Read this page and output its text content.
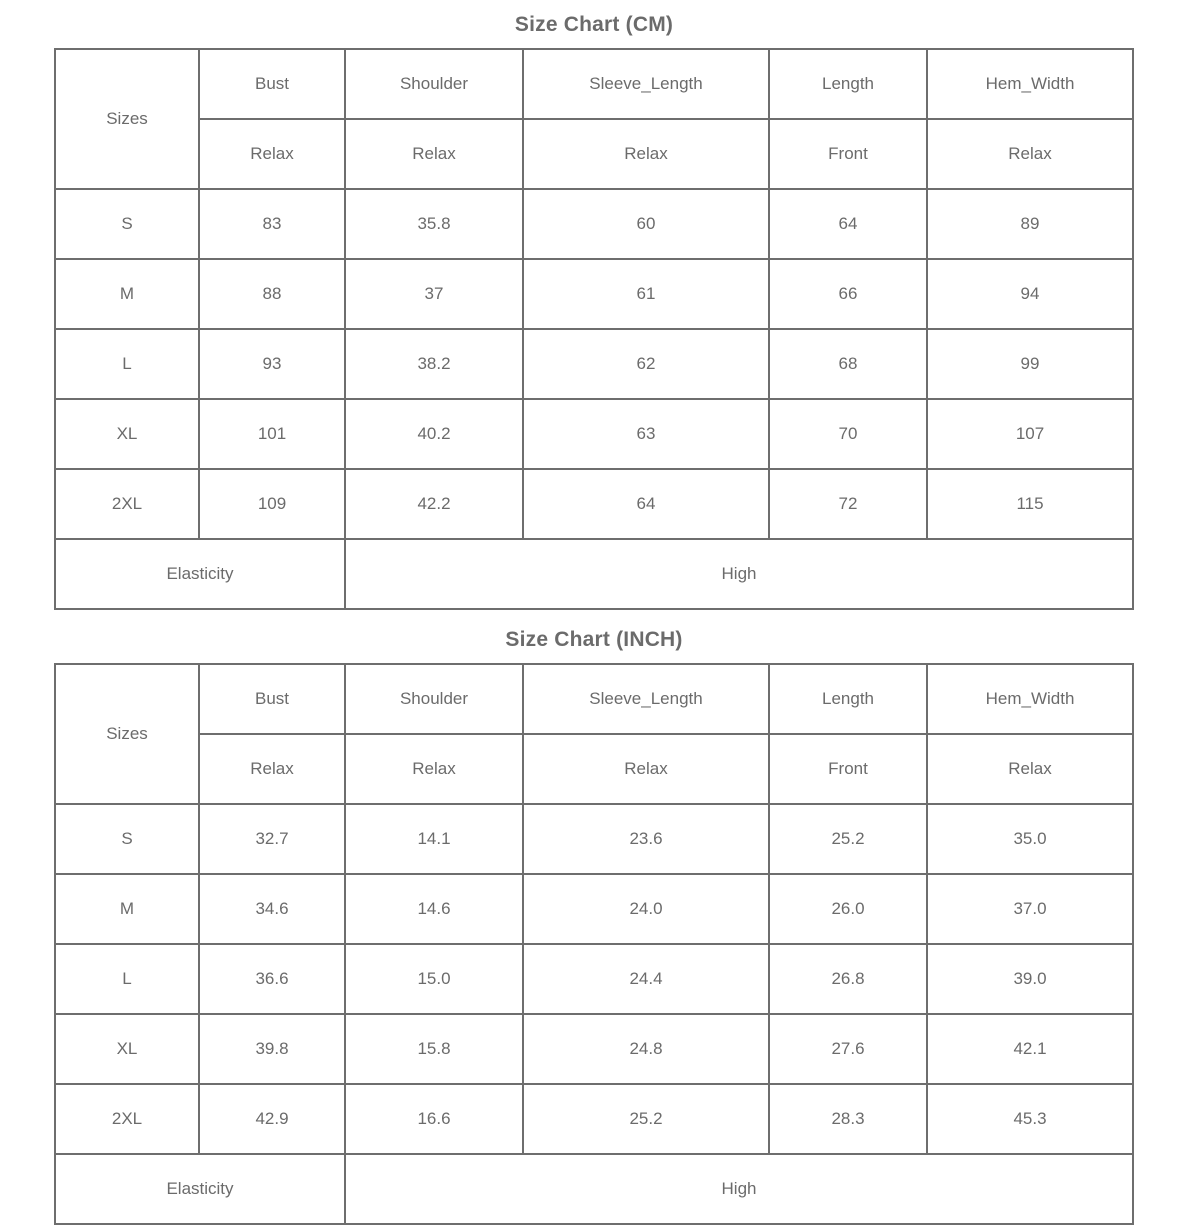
Size Chart (CM)
Sizes	Bust	Shoulder	Sleeve_Length	Length	Hem_Width
	Relax	Relax	Relax	Front	Relax
S	83	35.8	60	64	89
M	88	37	61	66	94
L	93	38.2	62	68	99
XL	101	40.2	63	70	107
2XL	109	42.2	64	72	115
Elasticity		High			
Size Chart (INCH)
Sizes	Bust	Shoulder	Sleeve_Length	Length	Hem_Width
	Relax	Relax	Relax	Front	Relax
S	32.7	14.1	23.6	25.2	35.0
M	34.6	14.6	24.0	26.0	37.0
L	36.6	15.0	24.4	26.8	39.0
XL	39.8	15.8	24.8	27.6	42.1
2XL	42.9	16.6	25.2	28.3	45.3
Elasticity		High			
